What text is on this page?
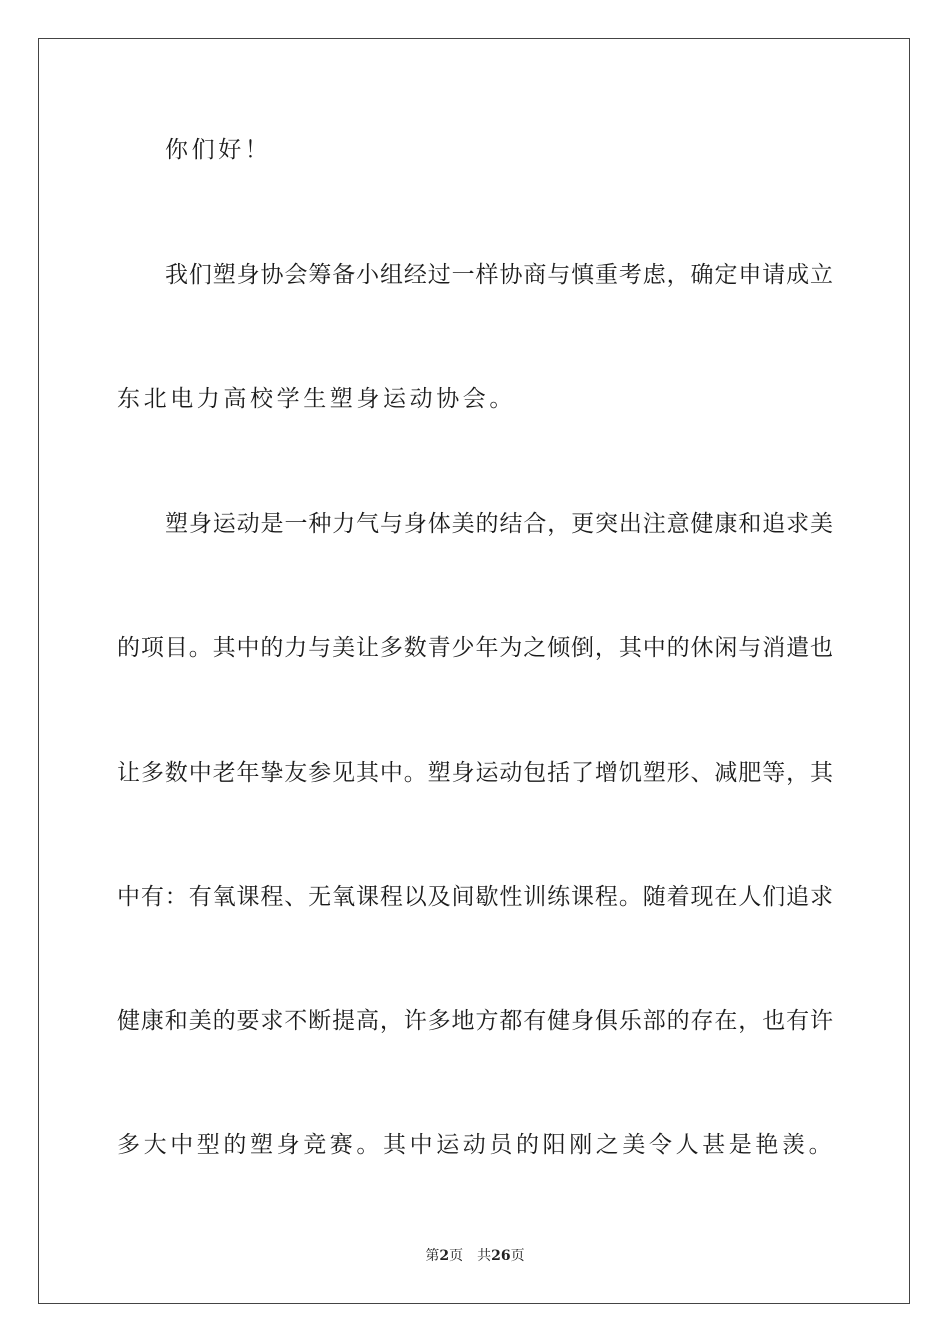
你们好！
我们塑身协会筹备小组经过一样协商与慎重考虑，确定申请成立
东北电力高校学生塑身运动协会。
塑身运动是一种力气与身体美的结合，更突出注意健康和追求美
的项目。其中的力与美让多数青少年为之倾倒，其中的休闲与消遣也
让多数中老年挚友参见其中。塑身运动包括了增饥塑形、减肥等，其
中有：有氧课程、无氧课程以及间歇性训练课程。随着现在人们追求
健康和美的要求不断提高，许多地方都有健身俱乐部的存在，也有许
多大中型的塑身竞赛。其中运动员的阳刚之美令人甚是艳羡。
第2页 共26页
